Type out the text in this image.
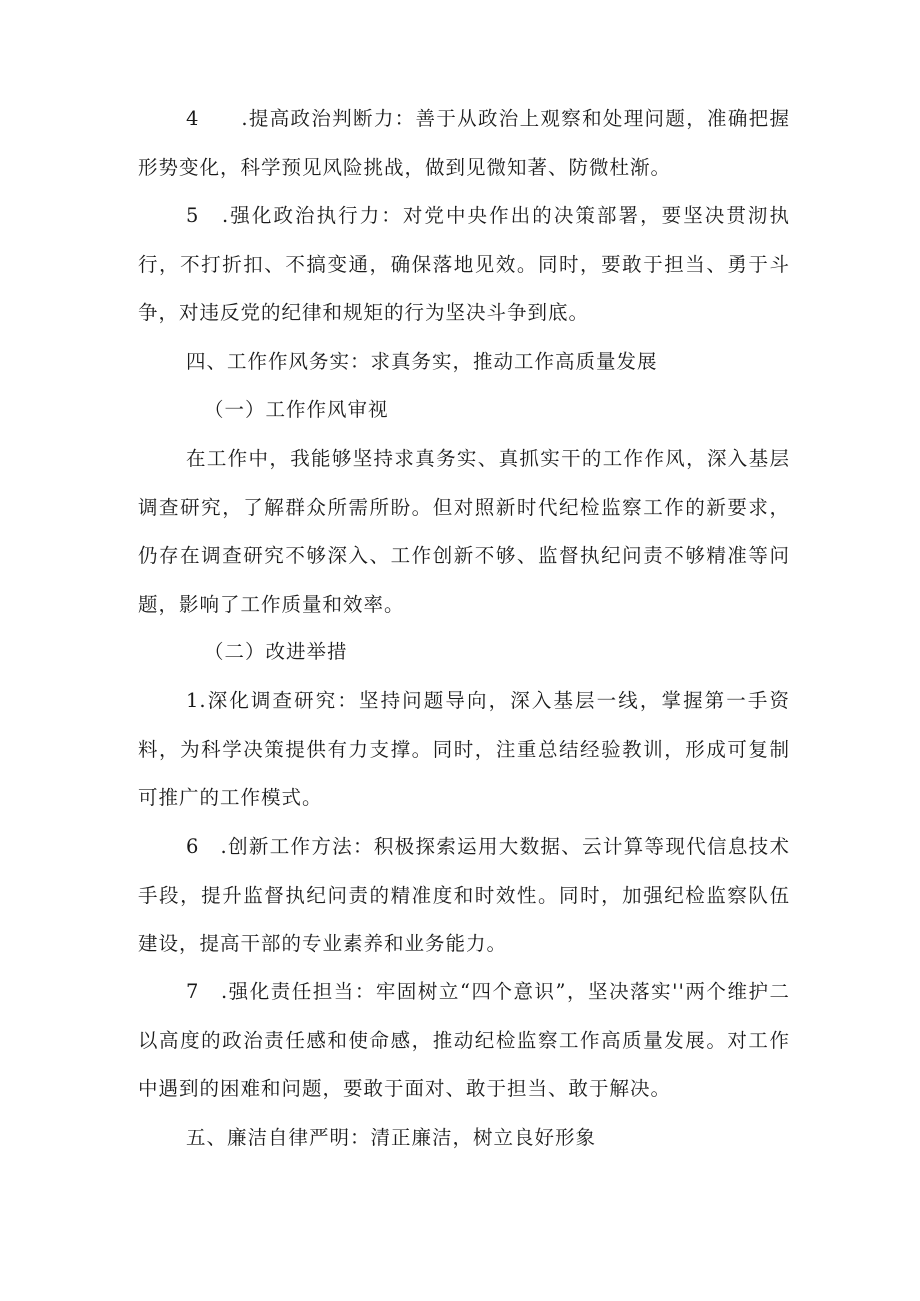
4　　.提高政治判断力：善于从政治上观察和处理问题，准确把握形势变化，科学预见风险挑战，做到见微知著、防微杜渐。

5　.强化政治执行力：对党中央作出的决策部署，要坚决贯沏执行，不打折扣、不搞变通，确保落地见效。同时，要敢于担当、勇于斗争，对违反党的纪律和规矩的行为坚决斗争到底。

四、工作作风务实：求真务实，推动工作高质量发展

（一）工作作风审视

在工作中，我能够坚持求真务实、真抓实干的工作作风，深入基层调查研究，了解群众所需所盼。但对照新时代纪检监察工作的新要求，仍存在调查研究不够深入、工作创新不够、监督执纪问责不够精准等问题，影响了工作质量和效率。

（二）改进举措

1.深化调查研究：坚持问题导向，深入基层一线，掌握第一手资料，为科学决策提供有力支撑。同时，注重总结经验教训，形成可复制可推广的工作模式。

6　.创新工作方法：积极探索运用大数据、云计算等现代信息技术手段，提升监督执纪问责的精准度和时效性。同时，加强纪检监察队伍建设，提高干部的专业素养和业务能力。

7　.强化责任担当：牢固树立“四个意识”，坚决落实''两个维护二以高度的政治责任感和使命感，推动纪检监察工作高质量发展。对工作中遇到的困难和问题，要敢于面对、敢于担当、敢于解决。

五、廉洁自律严明：清正廉洁，树立良好形象
